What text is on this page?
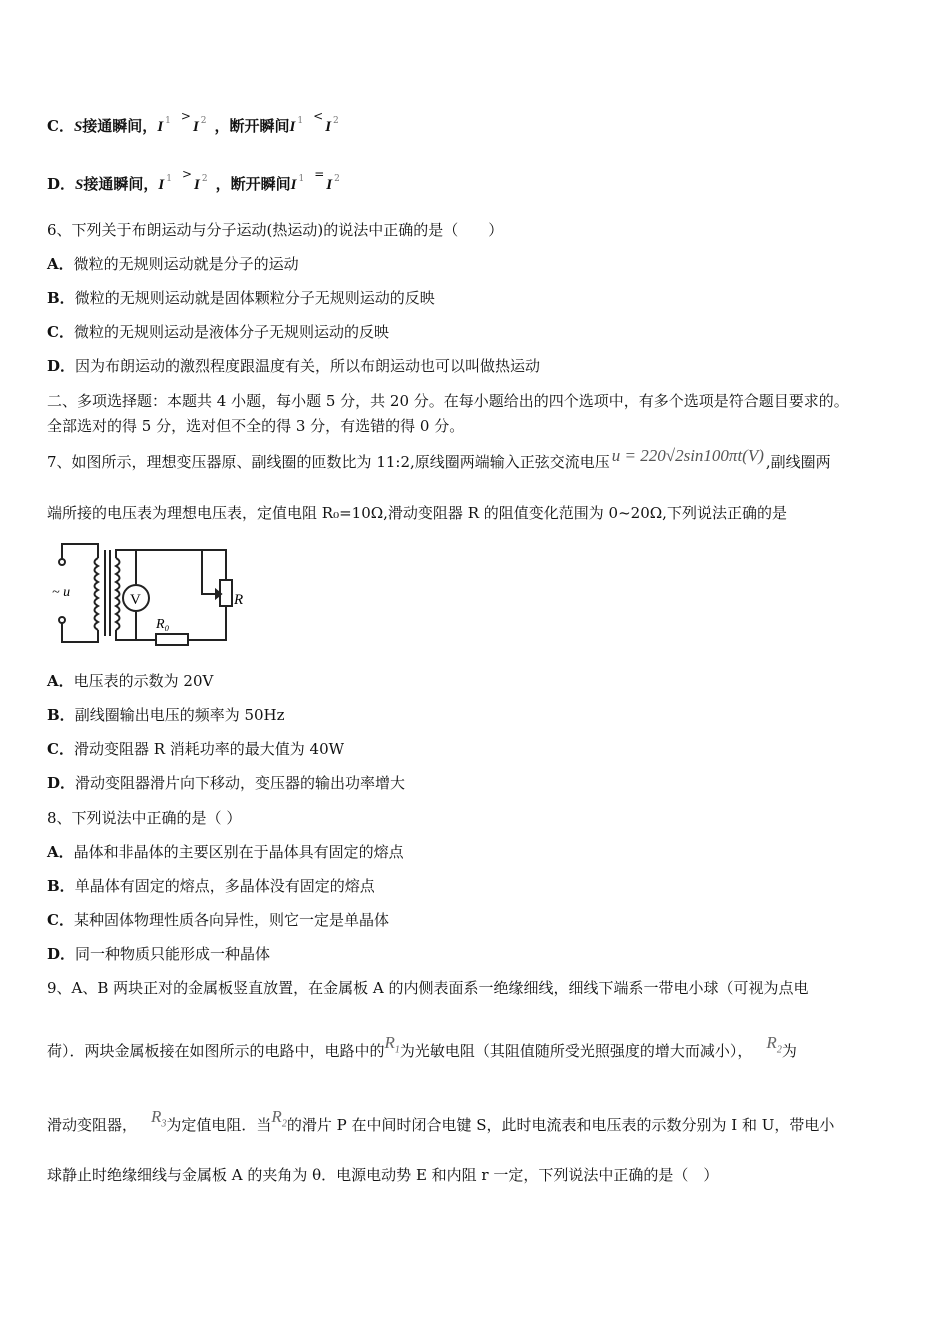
C．S接通瞬间，I $^1$ >I $^2$ ，断开瞬间I $^1$ <I $^2$
D．S接通瞬间，I $^1$ >I $^2$ ，断开瞬间I $^1$ =I $^2$
6、下列关于布朗运动与分子运动(热运动)的说法中正确的是（　　）
A．微粒的无规则运动就是分子的运动
B．微粒的无规则运动就是固体颗粒分子无规则运动的反映
C．微粒的无规则运动是液体分子无规则运动的反映
D．因为布朗运动的激烈程度跟温度有关，所以布朗运动也可以叫做热运动
二、多项选择题：本题共 4 小题，每小题 5 分，共 20 分。在每小题给出的四个选项中，有多个选项是符合题目要求的。
全部选对的得 5 分，选对但不全的得 3 分，有选错的得 0 分。
7、如图所示，理想变压器原、副线圈的匝数比为 11:2,原线圈两端输入正弦交流电压 u = 220√2sin100πt(V) ,副线圈两
端所接的电压表为理想电压表，定值电阻 R₀=10Ω,滑动变阻器 R 的阻值变化范围为 0~20Ω,下列说法正确的是
~ u	V
R₀
R
A．电压表的示数为 20V
B．副线圈输出电压的频率为 50Hz
C．滑动变阻器 R 消耗功率的最大值为 40W
D．滑动变阻器滑片向下移动，变压器的输出功率增大
8、下列说法中正确的是（ ）
A．晶体和非晶体的主要区别在于晶体具有固定的熔点
B．单晶体有固定的熔点，多晶体没有固定的熔点
C．某种固体物理性质各向异性，则它一定是单晶体
D．同一种物质只能形成一种晶体
9、A、B 两块正对的金属板竖直放置，在金属板 A 的内侧表面系一绝缘细线，细线下端系一带电小球（可视为点电
荷）．两块金属板接在如图所示的电路中，电路中的$R_1$为光敏电阻（其阻值随所受光照强度的增大而减小）， $R_2$为
滑动变阻器， $R_3$为定值电阻．当$R_2$的滑片 P 在中间时闭合电键 S，此时电流表和电压表的示数分别为 I 和 U，带电小
球静止时绝缘细线与金属板 A 的夹角为 θ．电源电动势 E 和内阻 r 一定，下列说法中正确的是（　）
